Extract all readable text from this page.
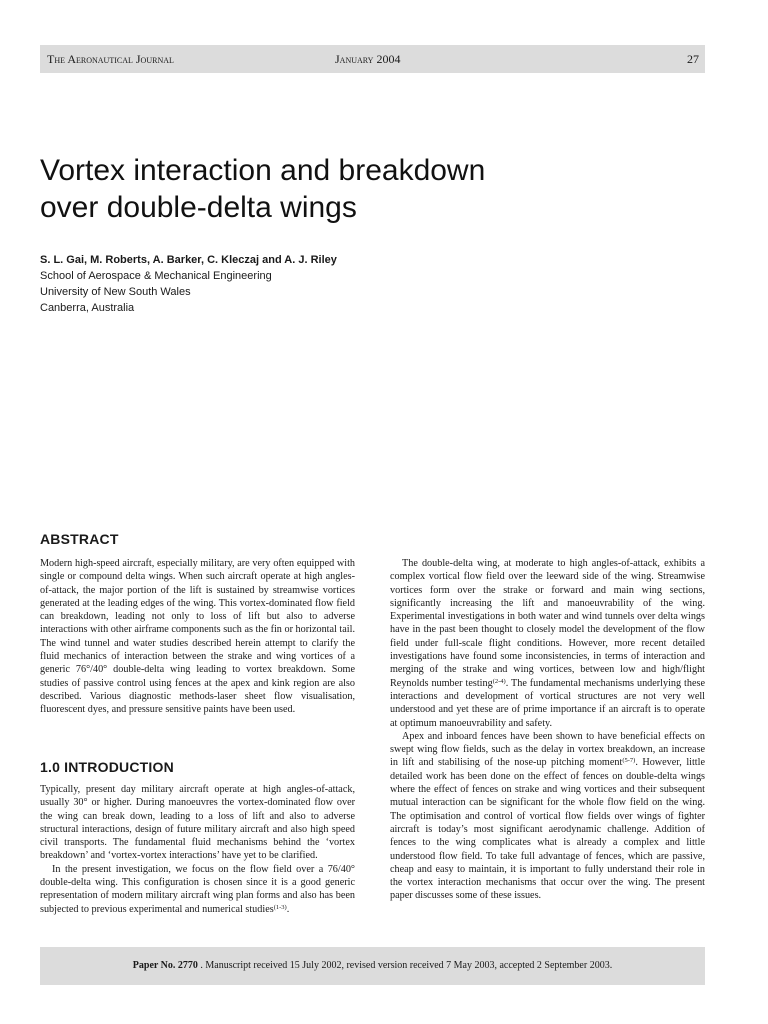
The Aeronautical Journal	January 2004	27
Vortex interaction and breakdown
over double-delta wings
S. L. Gai, M. Roberts, A. Barker, C. Kleczaj and A. J. Riley
School of Aerospace & Mechanical Engineering
University of New South Wales
Canberra, Australia
ABSTRACT

Modern high-speed aircraft, especially military, are very often equipped with single or compound delta wings. When such aircraft operate at high angles-of-attack, the major portion of the lift is sustained by streamwise vortices generated at the leading edges of the wing. This vortex-dominated flow field can breakdown, leading not only to loss of lift but also to adverse interactions with other airframe components such as the fin or horizontal tail. The wind tunnel and water studies described herein attempt to clarify the fluid mechanics of interaction between the strake and wing vortices of a generic 76°/40° double-delta wing leading to vortex breakdown. Some studies of passive control using fences at the apex and kink region are also described. Various diagnostic methods-laser sheet flow visualisation, fluorescent dyes, and pressure sensitive paints have been used.

1.0 INTRODUCTION

Typically, present day military aircraft operate at high angles-of-attack, usually 30° or higher. During manoeuvres the vortex-dominated flow over the wing can break down, leading to a loss of lift and also to adverse structural interactions, design of future military aircraft and also high speed civil transports. The fundamental fluid mechanisms behind the ‘vortex breakdown’ and ‘vortex-vortex interactions’ have yet to be clarified.

In the present investigation, we focus on the flow field over a 76/40° double-delta wing. This configuration is chosen since it is a good generic representation of modern military aircraft wing plan forms and also has been subjected to previous experimental and numerical studies$^{(1-3)}$.

The double-delta wing, at moderate to high angles-of-attack, exhibits a complex vortical flow field over the leeward side of the wing. Streamwise vortices form over the strake or forward and main wing sections, significantly increasing the lift and manoeuvrability of the wing. Experimental investigations in both water and wind tunnels over delta wings have in the past been thought to closely model the development of the flow field under full-scale flight conditions. However, more recent detailed investigations have found some inconsistencies, in terms of interaction and merging of the strake and wing vortices, between low and high/flight Reynolds number testing$^{(2-4)}$. The fundamental mechanisms underlying these interactions and development of vortical structures are not very well understood and yet these are of prime importance if an aircraft is to operate at optimum manoeuvrability and safety.

Apex and inboard fences have been shown to have beneficial effects on swept wing flow fields, such as the delay in vortex breakdown, an increase in lift and stabilising of the nose-up pitching moment$^{(5-7)}$. However, little detailed work has been done on the effect of fences on double-delta wings where the effect of fences on strake and wing vortices and their subsequent mutual interaction can be significant for the whole flow field on the wing. The optimisation and control of vortical flow fields over wings of fighter aircraft is today’s most significant aerodynamic challenge. Addition of fences to the wing complicates what is already a complex and little understood flow field. To take full advantage of fences, which are passive, cheap and easy to maintain, it is important to fully understand their role in the vortex interaction mechanisms that occur over the wing. The present paper discusses some of these issues.

Paper No. 2770 . Manuscript received 15 July 2002, revised version received 7 May 2003, accepted 2 September 2003.
